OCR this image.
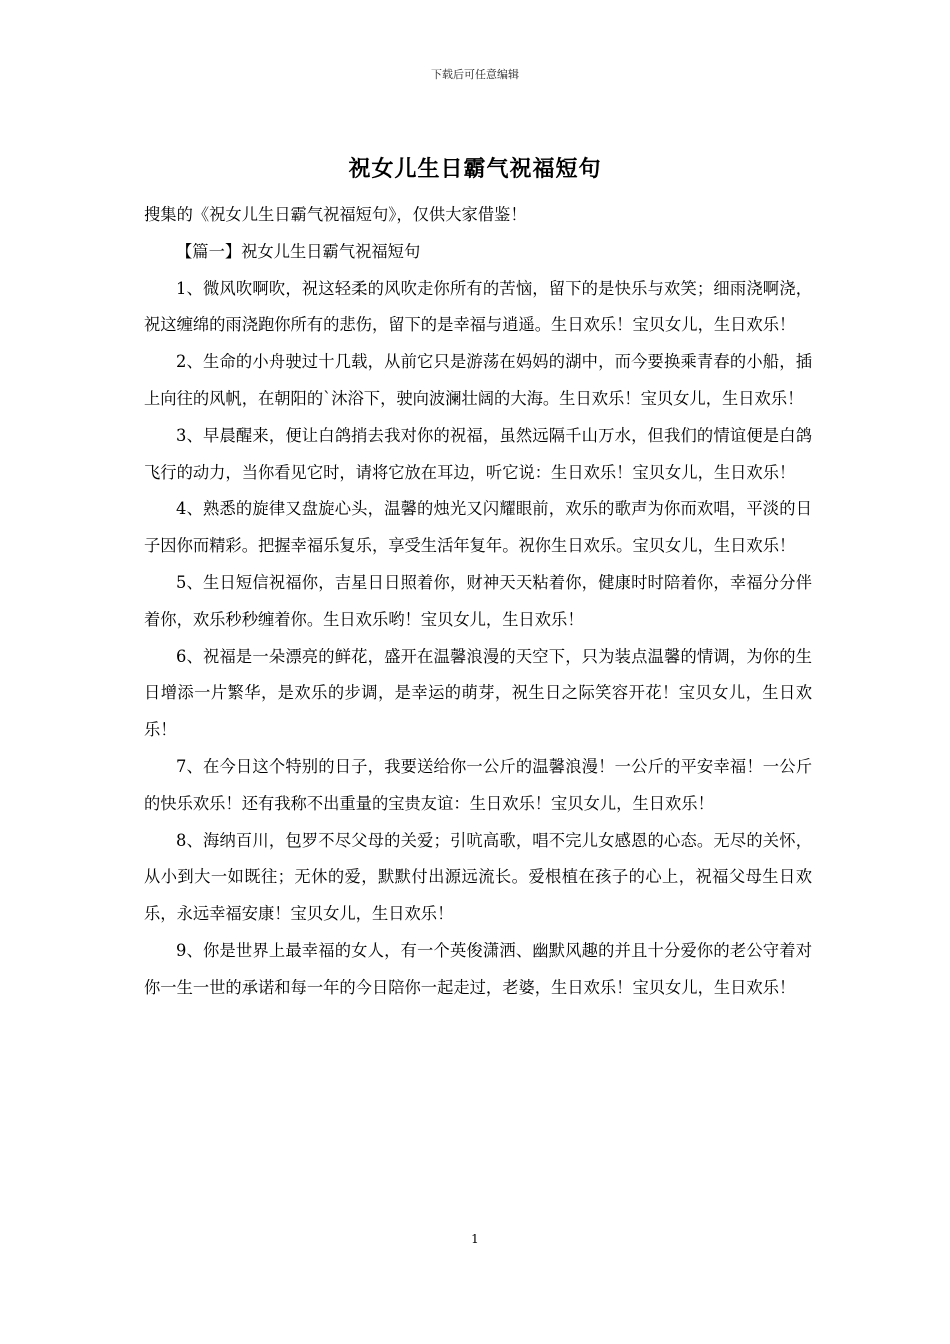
下载后可任意编辑
祝女儿生日霸气祝福短句

搜集的《祝女儿生日霸气祝福短句》，仅供大家借鉴！

【篇一】祝女儿生日霸气祝福短句

1、微风吹啊吹，祝这轻柔的风吹走你所有的苦恼，留下的是快乐与欢笑；细雨浇啊浇，祝这缠绵的雨浇跑你所有的悲伤，留下的是幸福与逍遥。生日欢乐！宝贝女儿，生日欢乐！

2、生命的小舟驶过十几载，从前它只是游荡在妈妈的湖中，而今要换乘青春的小船，插上向往的风帆，在朝阳的`沐浴下，驶向波澜壮阔的大海。生日欢乐！宝贝女儿，生日欢乐！

3、早晨醒来，便让白鸽捎去我对你的祝福，虽然远隔千山万水，但我们的情谊便是白鸽飞行的动力，当你看见它时，请将它放在耳边，听它说：生日欢乐！宝贝女儿，生日欢乐！

4、熟悉的旋律又盘旋心头，温馨的烛光又闪耀眼前，欢乐的歌声为你而欢唱，平淡的日子因你而精彩。把握幸福乐复乐，享受生活年复年。祝你生日欢乐。宝贝女儿，生日欢乐！

5、生日短信祝福你，吉星日日照着你，财神天天粘着你，健康时时陪着你，幸福分分伴着你，欢乐秒秒缠着你。生日欢乐哟！宝贝女儿，生日欢乐！

6、祝福是一朵漂亮的鲜花，盛开在温馨浪漫的天空下，只为装点温馨的情调，为你的生日增添一片繁华，是欢乐的步调，是幸运的萌芽，祝生日之际笑容开花！宝贝女儿，生日欢乐！

7、在今日这个特别的日子，我要送给你一公斤的温馨浪漫！一公斤的平安幸福！一公斤的快乐欢乐！还有我称不出重量的宝贵友谊：生日欢乐！宝贝女儿，生日欢乐！

8、海纳百川，包罗不尽父母的关爱；引吭高歌，唱不完儿女感恩的心态。无尽的关怀，从小到大一如既往；无休的爱，默默付出源远流长。爱根植在孩子的心上，祝福父母生日欢乐，永远幸福安康！宝贝女儿，生日欢乐！

9、你是世界上最幸福的女人，有一个英俊潇洒、幽默风趣的并且十分爱你的老公守着对你一生一世的承诺和每一年的今日陪你一起走过，老婆，生日欢乐！宝贝女儿，生日欢乐！

1
